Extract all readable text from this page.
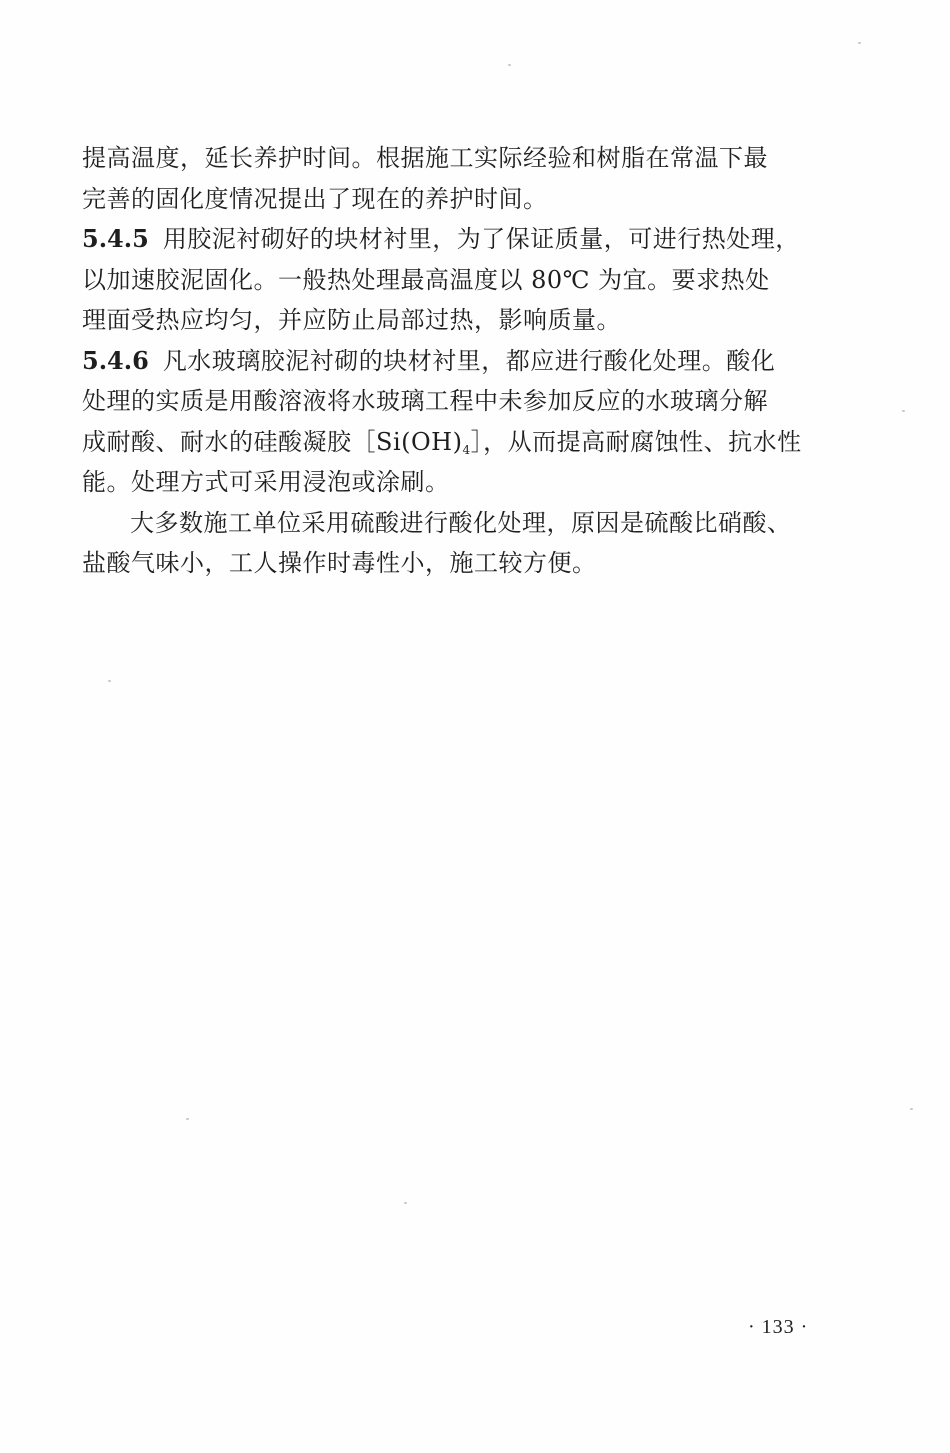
提高温度，延长养护时间。根据施工实际经验和树脂在常温下最
完善的固化度情况提出了现在的养护时间。
5.4.5 用胶泥衬砌好的块材衬里，为了保证质量，可进行热处理，
以加速胶泥固化。一般热处理最高温度以 80℃ 为宜。要求热处
理面受热应均匀，并应防止局部过热，影响质量。
5.4.6 凡水玻璃胶泥衬砌的块材衬里，都应进行酸化处理。酸化
处理的实质是用酸溶液将水玻璃工程中未参加反应的水玻璃分解
成耐酸、耐水的硅酸凝胶$[Si(OH)_4]$，从而提高耐腐蚀性、抗水性
能。处理方式可采用浸泡或涂刷。
大多数施工单位采用硫酸进行酸化处理，原因是硫酸比硝酸、
盐酸气味小，工人操作时毒性小，施工较方便。
· 133 ·
